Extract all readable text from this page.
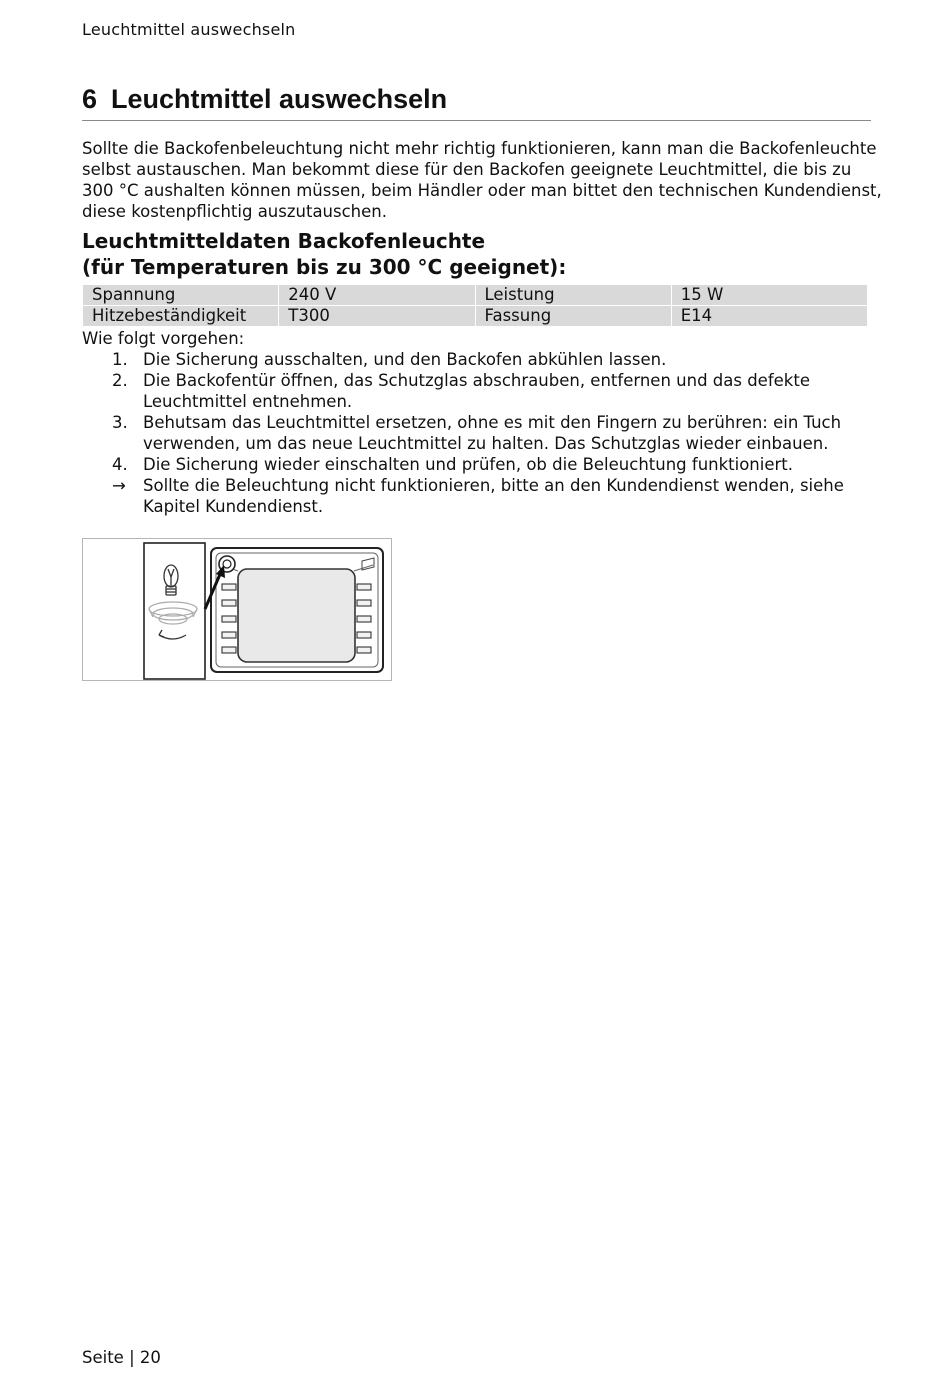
Leuchtmittel auswechseln
6 Leuchtmittel auswechseln

Sollte die Backofenbeleuchtung nicht mehr richtig funktionieren, kann man die Backofenleuchte selbst austauschen. Man bekommt diese für den Backofen geeignete Leuchtmittel, die bis zu 300 °C aushalten können müssen, beim Händler oder man bittet den technischen Kundendienst, diese kostenpflichtig auszutauschen.

Leuchtmitteldaten Backofenleuchte
(für Temperaturen bis zu 300 °C geeignet):
Spannung	240 V	Leistung	15 W
Hitzebeständigkeit	T300	Fassung	E14
Wie folgt vorgehen:
1. Die Sicherung ausschalten, und den Backofen abkühlen lassen.
2. Die Backofentür öffnen, das Schutzglas abschrauben, entfernen und das defekte Leuchtmittel entnehmen.
3. Behutsam das Leuchtmittel ersetzen, ohne es mit den Fingern zu berühren: ein Tuch verwenden, um das neue Leuchtmittel zu halten. Das Schutzglas wieder einbauen.
4. Die Sicherung wieder einschalten und prüfen, ob die Beleuchtung funktioniert.
→	Sollte die Beleuchtung nicht funktionieren, bitte an den Kundendienst wenden, siehe Kapitel Kundendienst.
Seite | 20
